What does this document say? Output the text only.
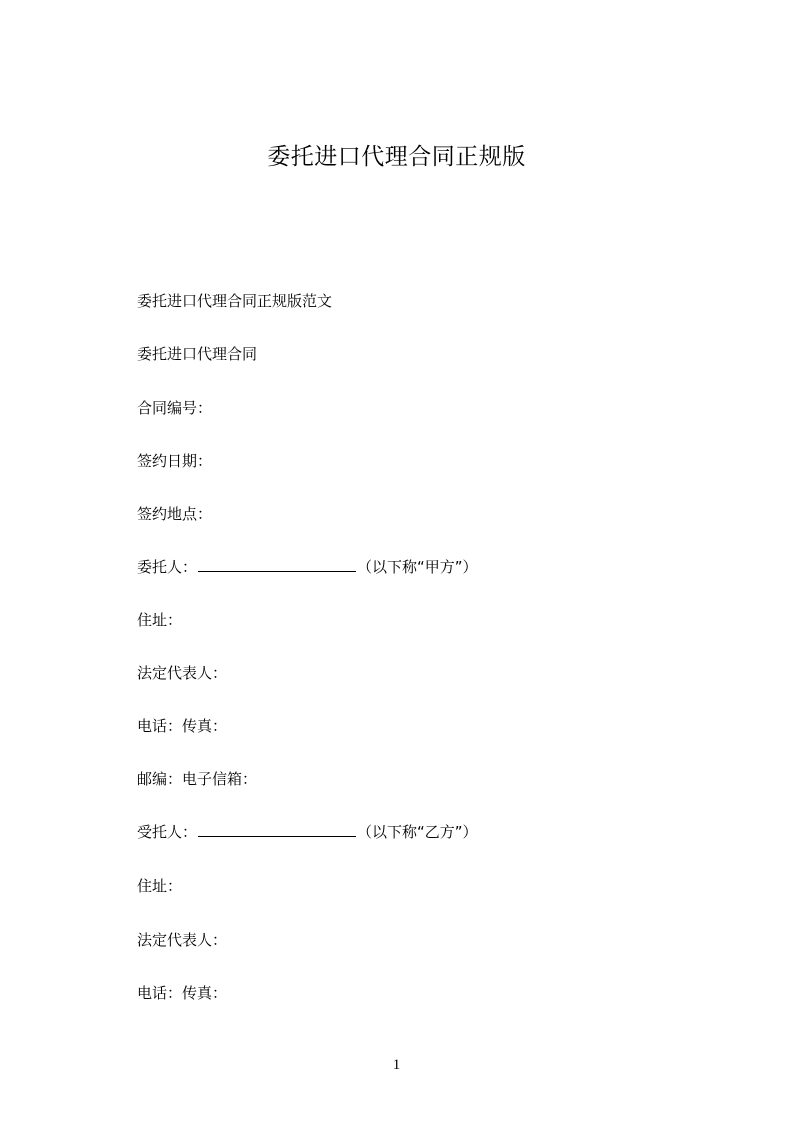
委托进口代理合同正规版
委托进口代理合同正规版范文
委托进口代理合同
合同编号：
签约日期：
签约地点：
委托人：	（以下称“甲方”）
住址：
法定代表人：
电话：传真：
邮编：电子信箱：
受托人：	（以下称“乙方”）
住址：
法定代表人：
电话：传真：
1
